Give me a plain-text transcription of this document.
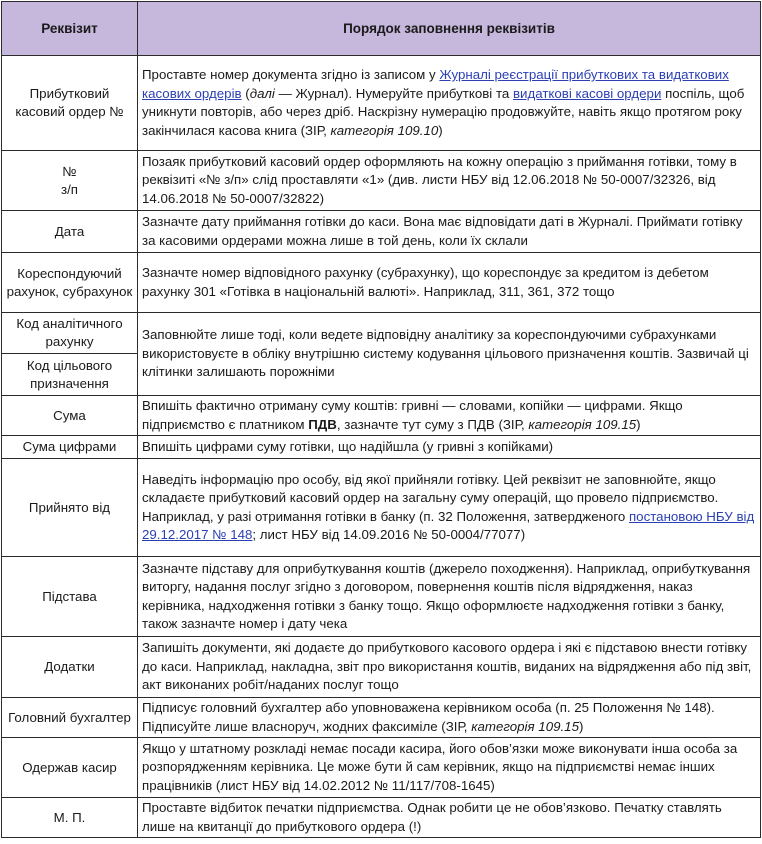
Реквізит	Порядок заповнення реквізитів
Прибутковий касовий ордер №	Проставте номер документа згідно із записом у Журналі реєстрації прибуткових та видаткових касових ордерів (далі — Журнал). Нумеруйте прибуткові та видаткові касові ордери поспіль, щоб уникнути повторів, або через дріб. Наскрізну нумерацію продовжуйте, навіть якщо протягом року закінчилася касова книга (ЗІР, категорія 109.10)
№
з/п	Позаяк прибутковий касовий ордер оформляють на кожну операцію з приймання готівки, тому в реквізиті «№ з/п» слід проставляти «1» (див. листи НБУ від 12.06.2018 № 50-0007/32326, від 14.06.2018 № 50-0007/32822)
Дата	Зазначте дату приймання готівки до каси. Вона має відповідати даті в Журналі. Приймати готівку за касовими ордерами можна лише в той день, коли їх склали
Кореспондуючий рахунок, субрахунок	Зазначте номер відповідного рахунку (субрахунку), що кореспондує за кредитом із дебетом рахунку 301 «Готівка в національній валюті». Наприклад, 311, 361, 372 тощо
Код аналітичного рахунку	Заповнюйте лише тоді, коли ведете відповідну аналітику за кореспондуючими субрахунками використовуєте в обліку внутрішню систему кодування цільового призначення коштів. Зазвичай ці клітинки залишають порожніми
Код цільового призначення	
Сума	Впишіть фактично отриману суму коштів: гривні — словами, копійки — цифрами. Якщо підприємство є платником ПДВ, зазначте тут суму з ПДВ (ЗІР, категорія 109.15)
Сума цифрами	Впишіть цифрами суму готівки, що надійшла (у гривні з копійками)
Прийнято від	Наведіть інформацію про особу, від якої прийняли готівку. Цей реквізит не заповнюйте, якщо складаєте прибутковий касовий ордер на загальну суму операцій, що провело підприємство. Наприклад, у разі отримання готівки в банку (п. 32 Положення, затвердженого постановою НБУ від 29.12.2017 № 148; лист НБУ від 14.09.2016 № 50-0004/77077)
Підстава	Зазначте підставу для оприбуткування коштів (джерело походження). Наприклад, оприбуткування виторгу, надання послуг згідно з договором, повернення коштів після відрядження, наказ керівника, надходження готівки з банку тощо. Якщо оформлюєте надходження готівки з банку, також зазначте номер і дату чека
Додатки	Запишіть документи, які додаєте до прибуткового касового ордера і які є підставою внести готівку до каси. Наприклад, накладна, звіт про використання коштів, виданих на відрядження або під звіт, акт виконаних робіт/наданих послуг тощо
Головний бухгалтер	Підписує головний бухгалтер або уповноважена керівником особа (п. 25 Положення № 148). Підписуйте лише власноруч, жодних факсиміле (ЗІР, категорія 109.15)
Одержав касир	Якщо у штатному розкладі немає посади касира, його обов’язки може виконувати інша особа за розпорядженням керівника. Це може бути й сам керівник, якщо на підприємстві немає інших працівників (лист НБУ від 14.02.2012 № 11/117/708-1645)
М. П.	Проставте відбиток печатки підприємства. Однак робити це не обов’язково. Печатку ставлять лише на квитанції до прибуткового ордера (!)
